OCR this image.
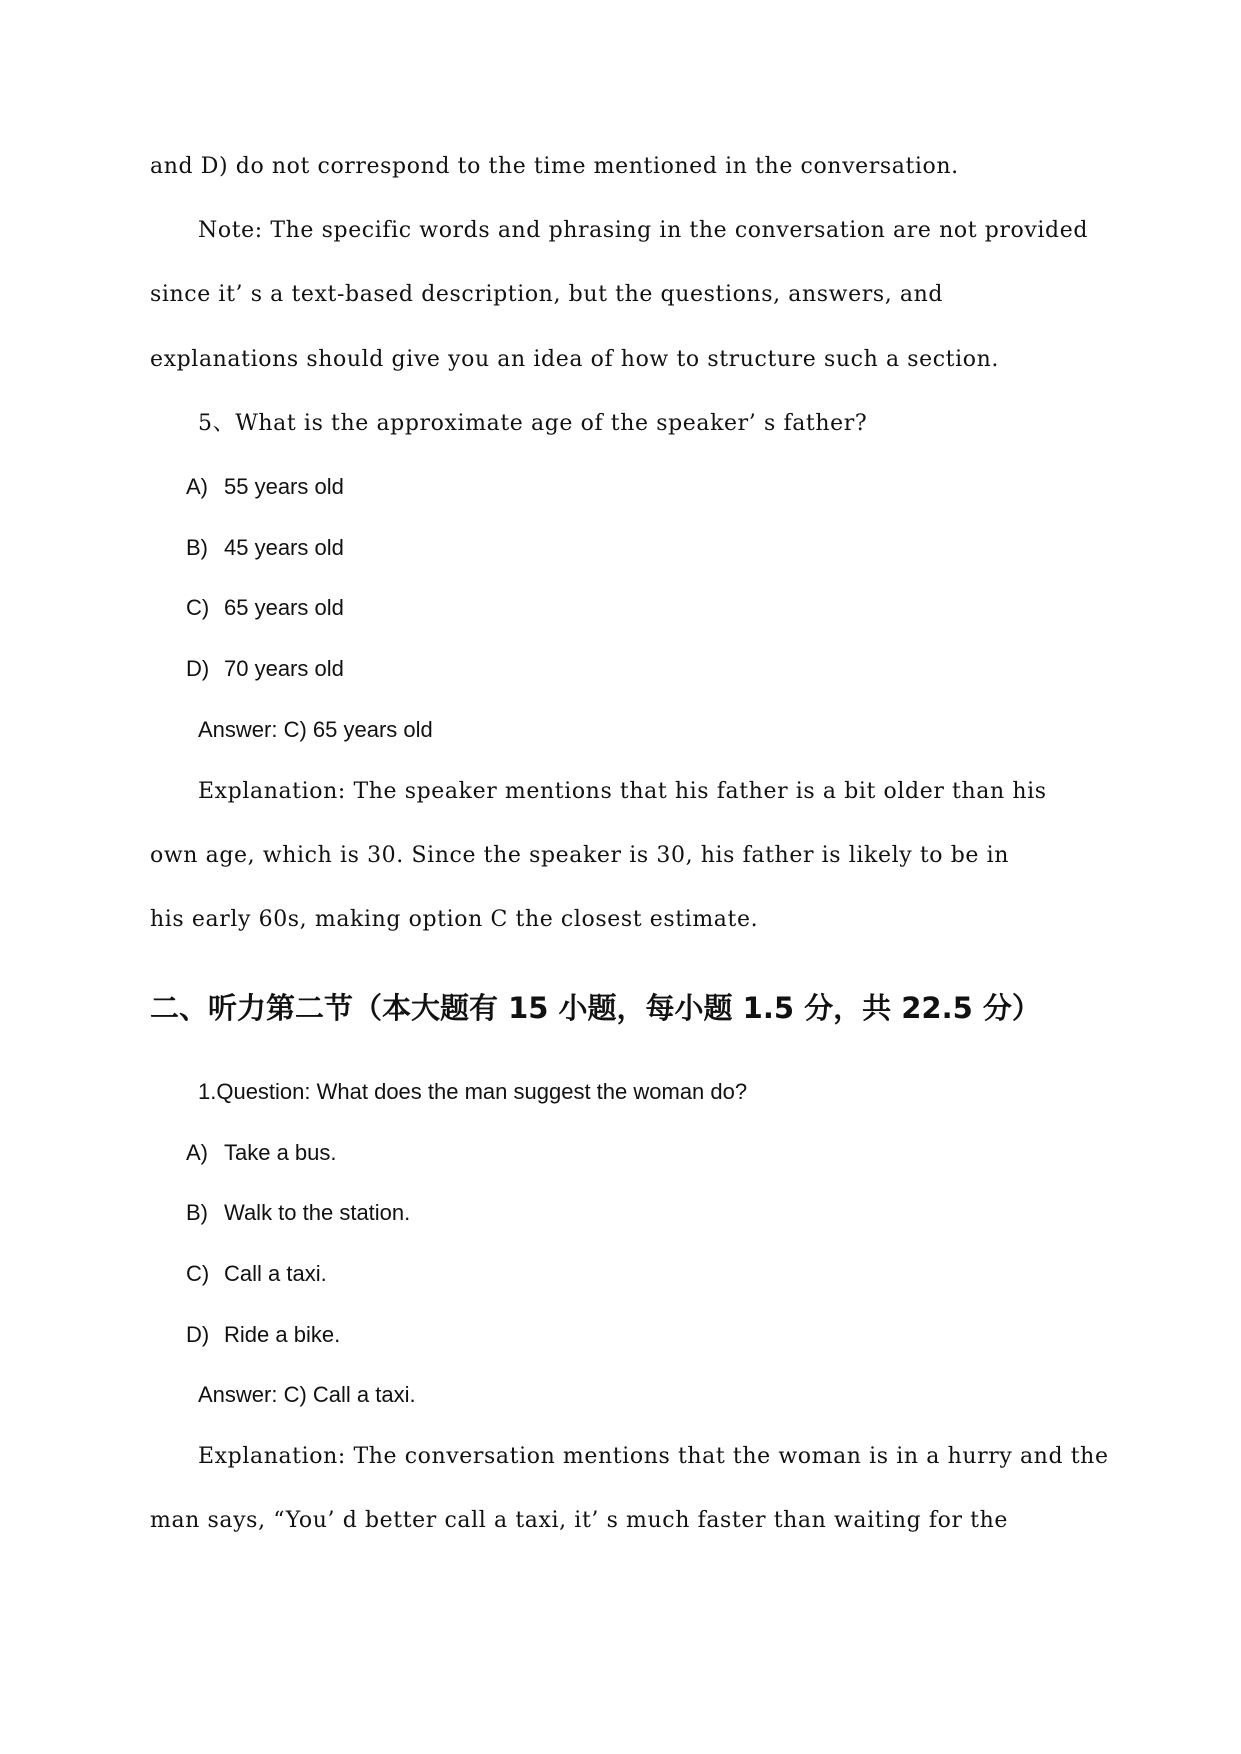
and D) do not correspond to the time mentioned in the conversation.
Note: The specific words and phrasing in the conversation are not provided
since it’ s a text-based description, but the questions, answers, and
explanations should give you an idea of how to structure such a section.
5、What is the approximate age of the speaker’ s father?
A) 55 years old
B) 45 years old
C) 65 years old
D) 70 years old
Answer: C) 65 years old
Explanation: The speaker mentions that his father is a bit older than his
own age, which is 30. Since the speaker is 30, his father is likely to be in
his early 60s, making option C the closest estimate.
二、听力第二节（本大题有 15 小题，每小题 1.5 分，共 22.5 分）
1.Question: What does the man suggest the woman do?
A) Take a bus.
B) Walk to the station.
C) Call a taxi.
D) Ride a bike.
Answer: C) Call a taxi.
Explanation: The conversation mentions that the woman is in a hurry and the
man says, “You’ d better call a taxi, it’ s much faster than waiting for the
